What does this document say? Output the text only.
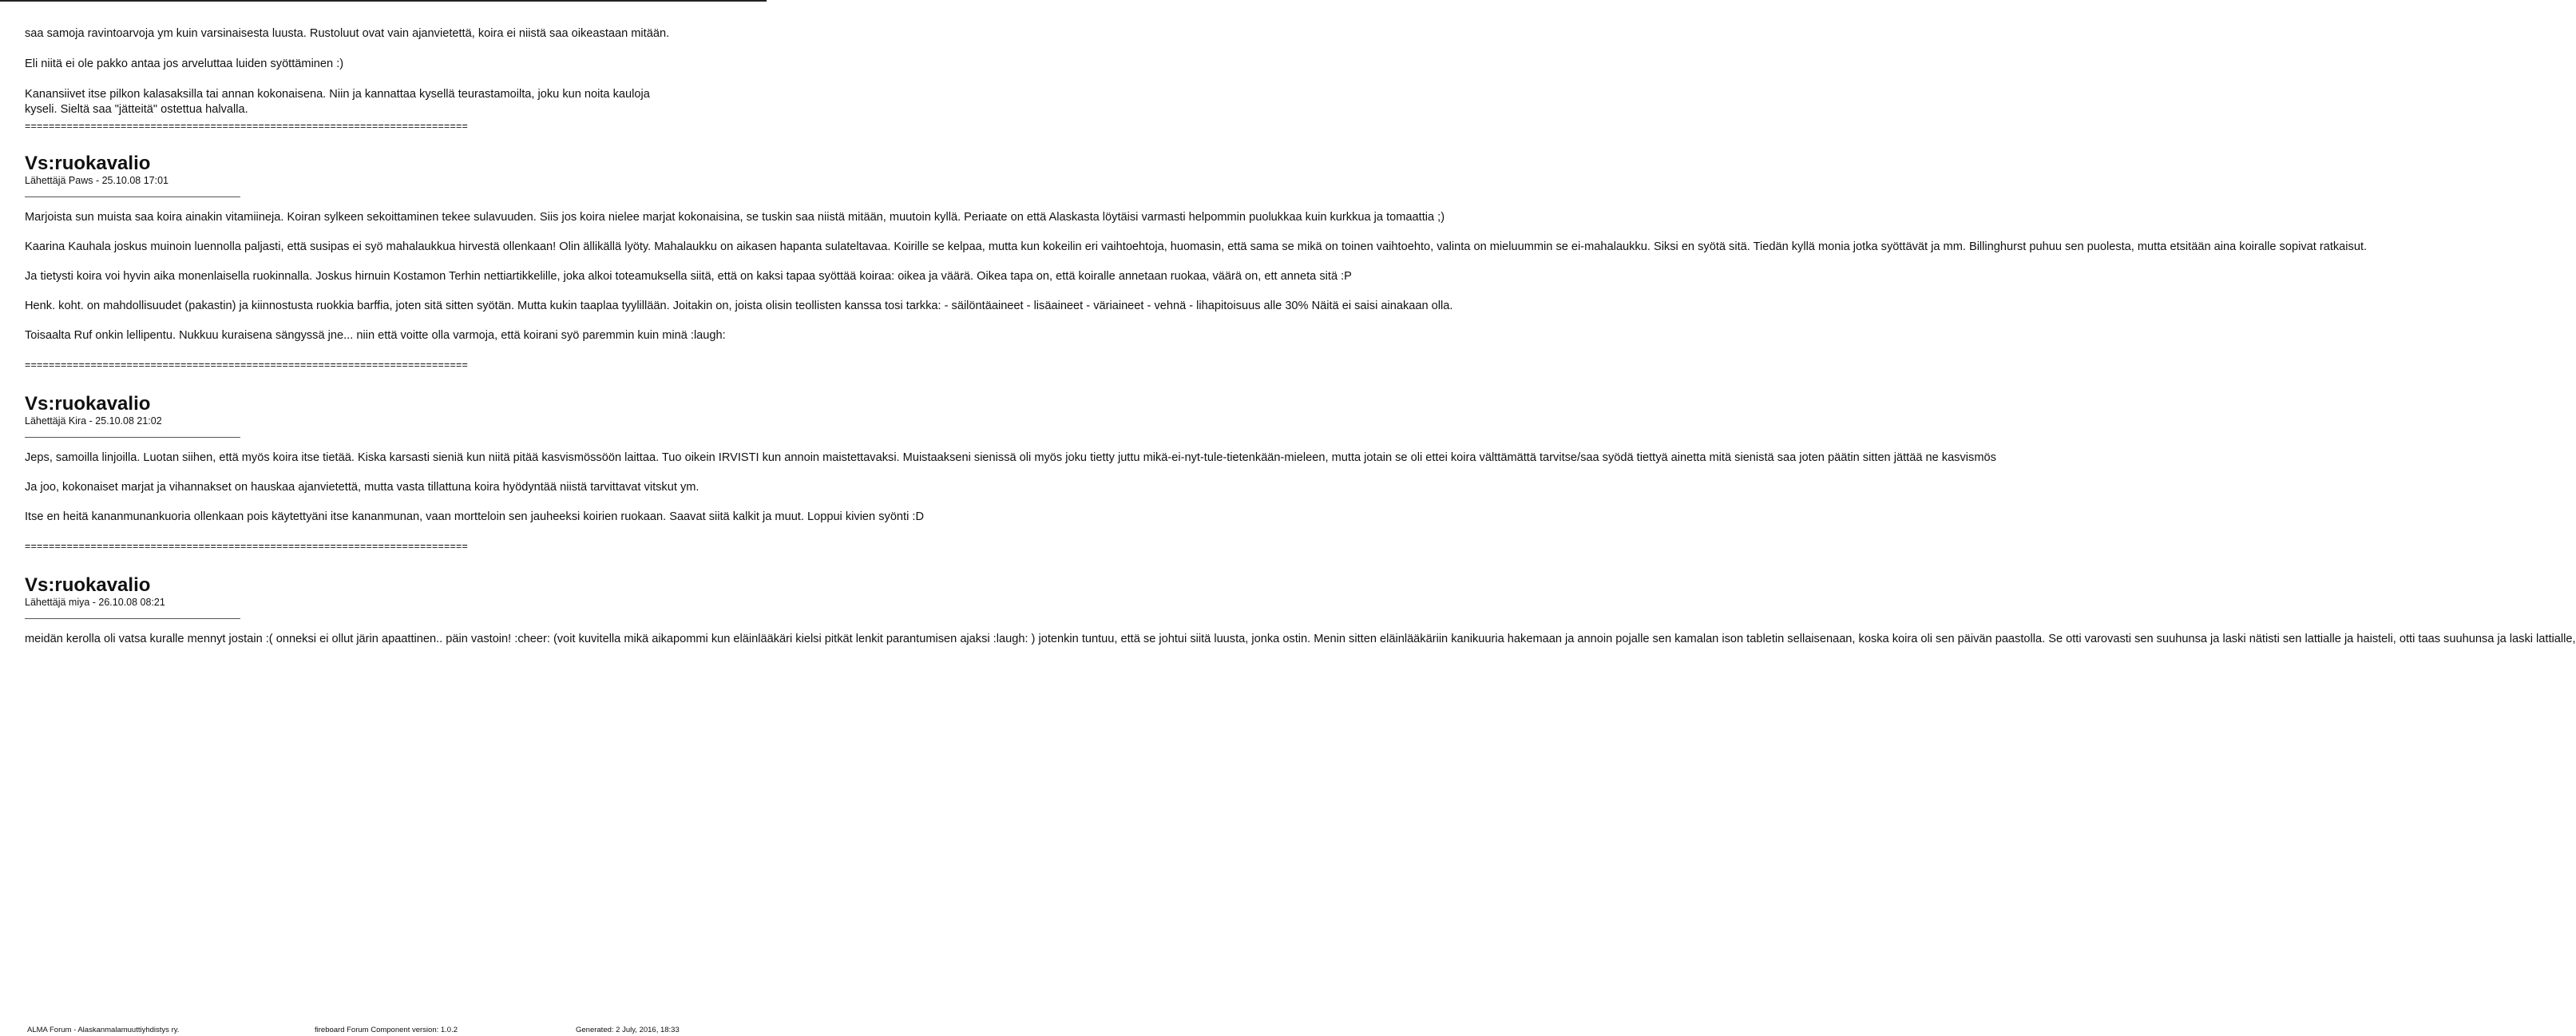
saa samoja ravintoarvoja ym kuin varsinaisesta luusta. Rustoluut ovat vain ajanvietettä, koira ei niistä saa oikeastaan mitään.

Eli niitä ei ole pakko antaa jos arveluttaa luiden syöttäminen :)

Kanansiivet itse pilkon kalasaksilla tai annan kokonaisena. Niin ja kannattaa kysellä teurastamoilta, joku kun noita kauloja

kyseli. Sieltä saa "jätteitä" ostettua halvalla.

==========================================================================

Vs:ruokavalio

Lähettäjä Paws - 25.10.08 17:01

Marjoista sun muista saa koira ainakin vitamiineja. Koiran sylkeen sekoittaminen tekee sulavuuden. Siis jos koira nielee marjat kokonaisina, se tuskin saa niistä mitään, muutoin kyllä. Periaate on että Alaskasta löytäisi varmasti helpommin puolukkaa kuin kurkkua ja tomaattia ;)

Kaarina Kauhala joskus muinoin luennolla paljasti, että susipas ei syö mahalaukkua hirvestä ollenkaan! Olin ällikällä lyöty. Mahalaukku on aikasen hapanta sulateltavaa. Koirille se kelpaa, mutta kun kokeilin eri vaihtoehtoja, huomasin, että sama se mikä on toinen vaihtoehto, valinta on mieluummin se ei-mahalaukku. Siksi en syötä sitä. Tiedän kyllä monia jotka syöttävät ja mm. Billinghurst puhuu sen puolesta, mutta etsitään aina koiralle sopivat ratkaisut.

Ja tietysti koira voi hyvin aika monenlaisella ruokinnalla. Joskus hirnuin Kostamon Terhin nettiartikkelille, joka alkoi toteamuksella siitä, että on kaksi tapaa syöttää koiraa: oikea ja väärä. Oikea tapa on, että koiralle annetaan ruokaa, väärä on, ett anneta sitä :P

Henk. koht. on mahdollisuudet (pakastin) ja kiinnostusta ruokkia barffia, joten sitä sitten syötän. Mutta kukin taaplaa tyylillään. Joitakin on, joista olisin teollisten kanssa tosi tarkka: - säilöntäaineet - lisäaineet - väriaineet - vehnä - lihapitoisuus alle 30% Näitä ei saisi ainakaan olla.

Toisaalta Ruf onkin lellipentu. Nukkuu kuraisena sängyssä jne... niin että voitte olla varmoja, että koirani syö paremmin kuin minä :laugh:

==========================================================================

Vs:ruokavalio

Lähettäjä Kira - 25.10.08 21:02

Jeps, samoilla linjoilla. Luotan siihen, että myös koira itse tietää. Kiska karsasti sieniä kun niitä pitää kasvismössöön laittaa. Tuo oikein IRVISTI kun annoin maistettavaksi. Muistaakseni sienissä oli myös joku tietty juttu mikä-ei-nyt-tule-tietenkään-mieleen, mutta jotain se oli ettei koira välttämättä tarvitse/saa syödä tiettyä ainetta mitä sienistä saa joten päätin sitten jättää ne kasvismös

Ja joo, kokonaiset marjat ja vihannakset on hauskaa ajanvietettä, mutta vasta tillattuna koira hyödyntää niistä tarvittavat vitskut ym.

Itse en heitä kananmunankuoria ollenkaan pois käytettyäni itse kananmunan, vaan mortteloin sen jauheeksi koirien ruokaan. Saavat siitä kalkit ja muut. Loppui kivien syönti :D

==========================================================================

Vs:ruokavalio

Lähettäjä miya - 26.10.08 08:21

meidän kerolla oli vatsa kuralle mennyt jostain :( onneksi ei ollut järin apaattinen.. päin vastoin! :cheer: (voit kuvitella mikä aikapommi kun eläinlääkäri kielsi pitkät lenkit parantumisen ajaksi :laugh: ) jotenkin tuntuu, että se johtui siitä luusta, jonka ostin. Menin sitten eläinlääkäriin kanikuuria hakemaan ja annoin pojalle sen kamalan ison tabletin sellaisenaan, koska koira oli sen päivän paastolla. Se otti varovasti sen suuhunsa ja laski nätisti sen lattialle ja haisteli, otti taas suuhunsa ja laski lattialle,

ALMA Forum - Alaskanmalamuuttiyhdistys ry.	fireboard Forum Component version: 1.0.2	Generated: 2 July, 2016, 18:33
